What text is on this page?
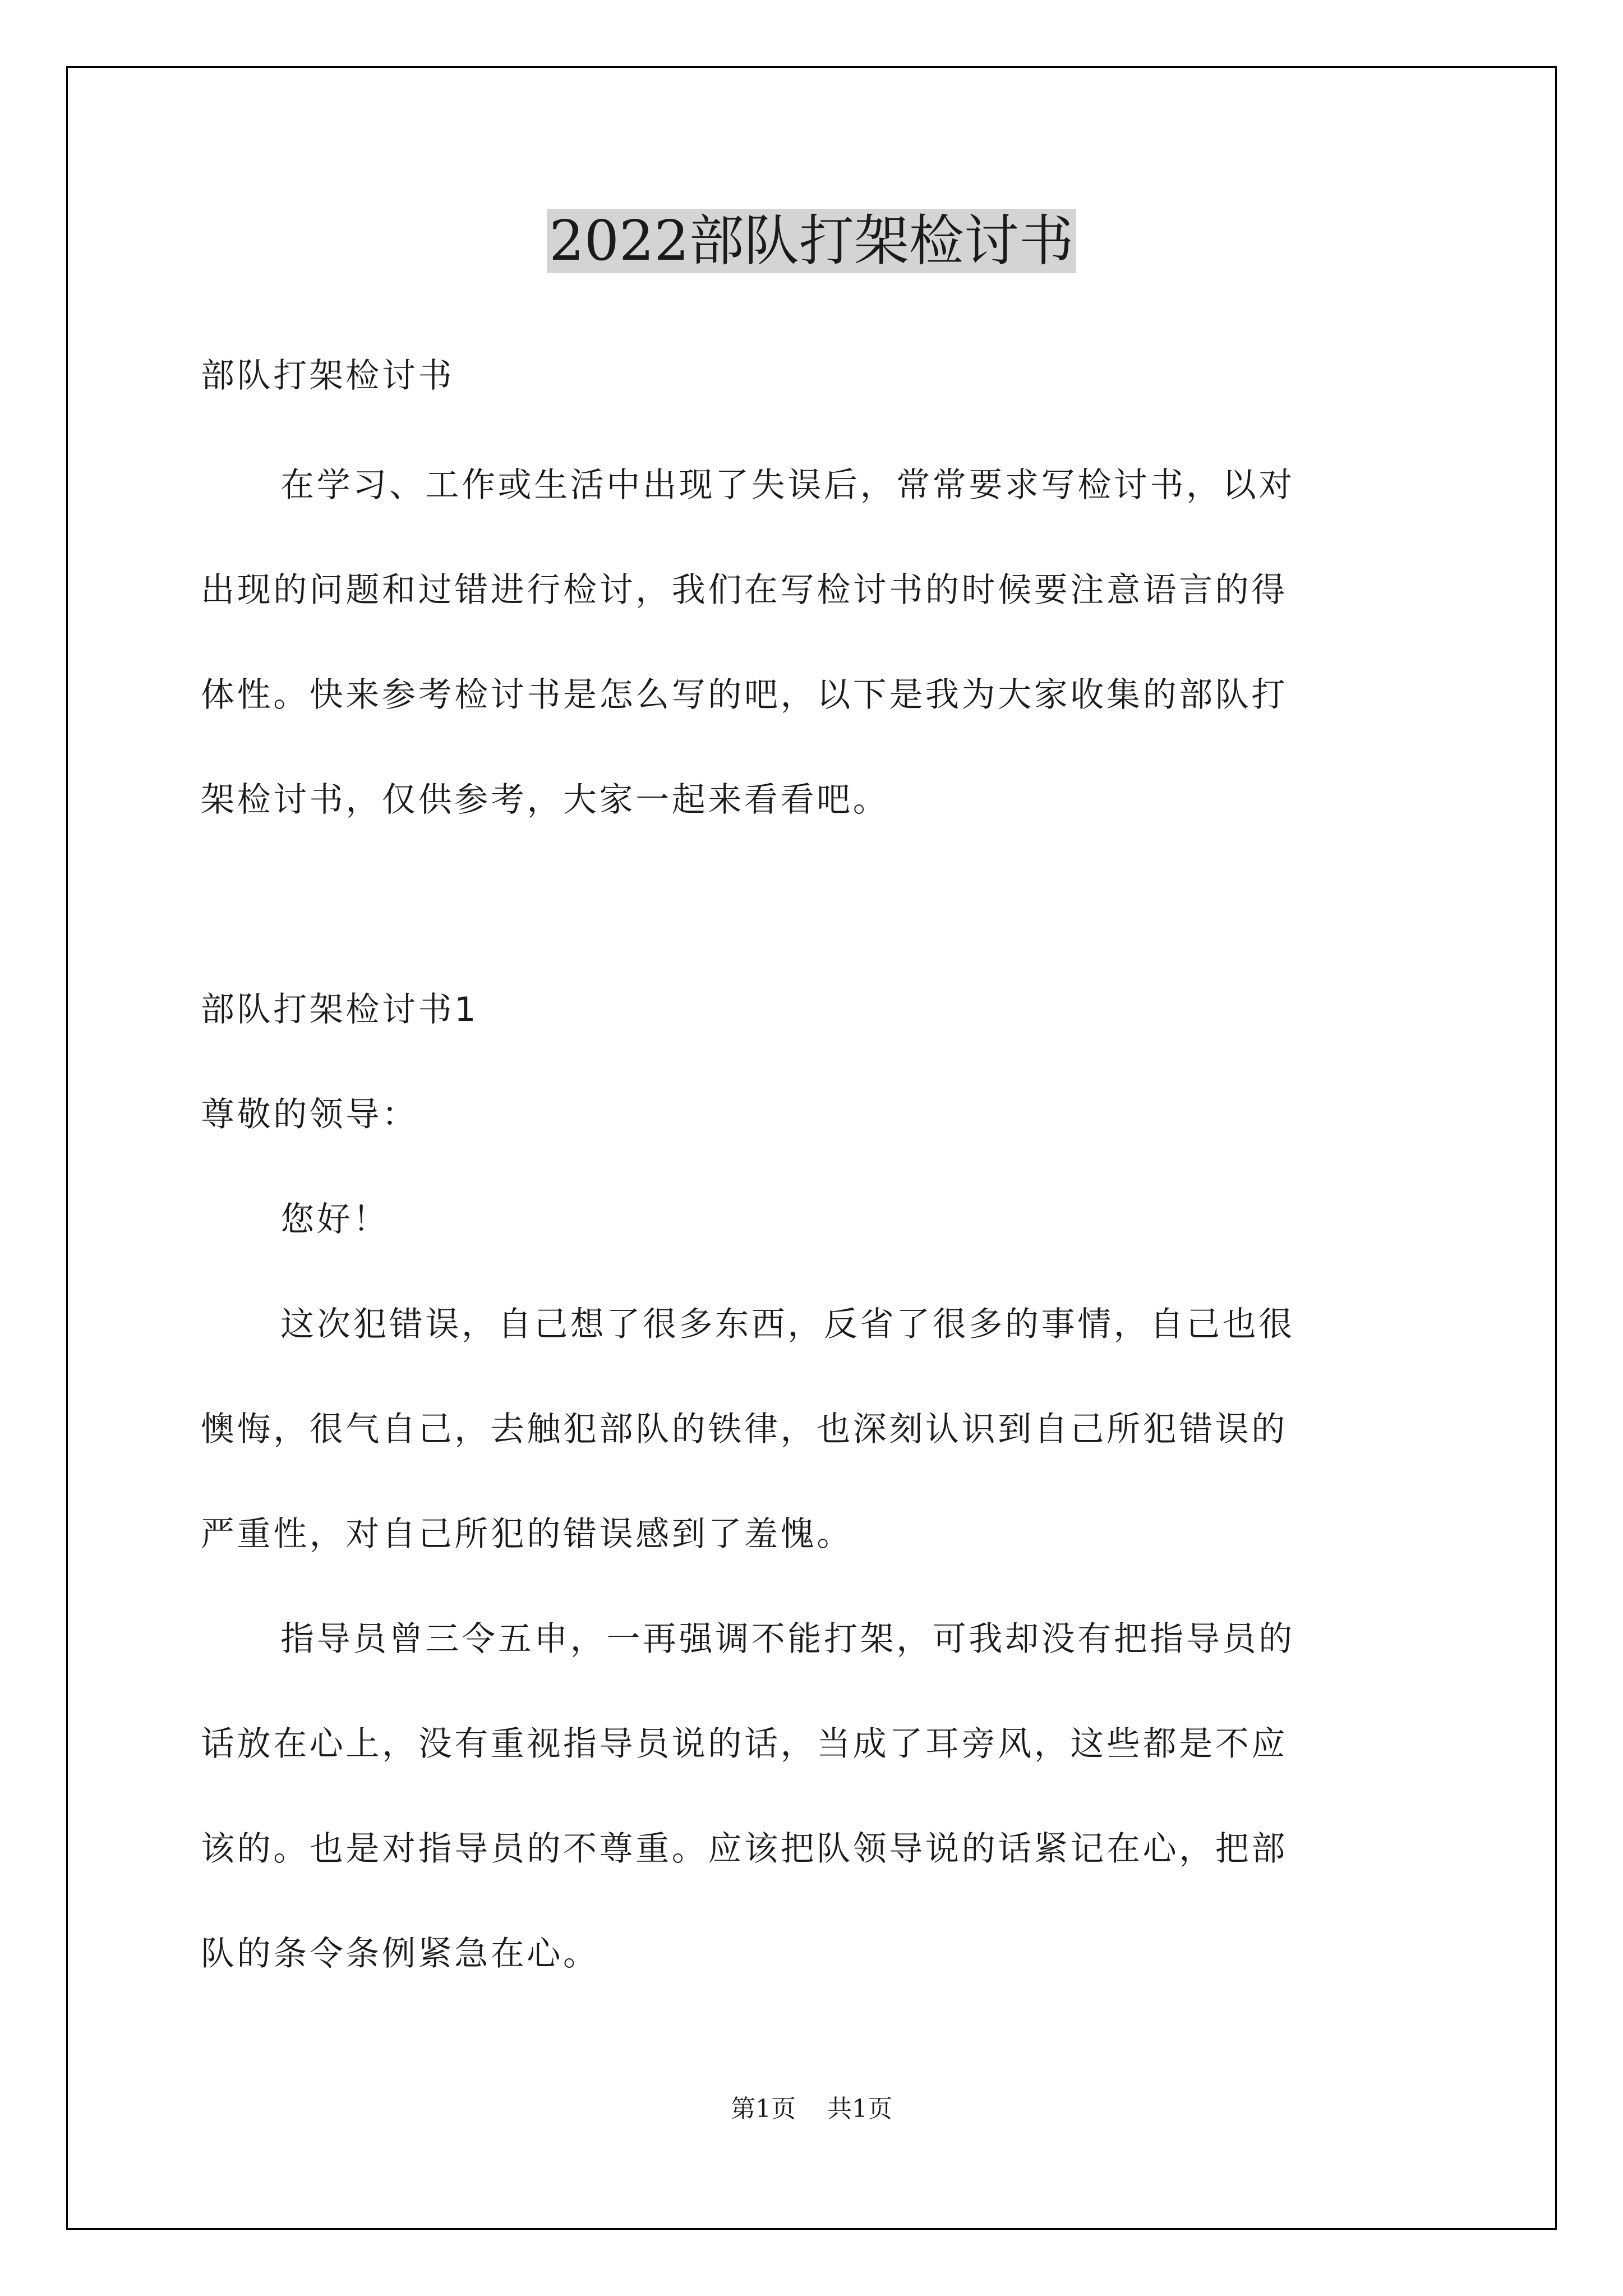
2022部队打架检讨书
部队打架检讨书
在学习、工作或生活中出现了失误后，常常要求写检讨书，以对
出现的问题和过错进行检讨，我们在写检讨书的时候要注意语言的得
体性。快来参考检讨书是怎么写的吧，以下是我为大家收集的部队打
架检讨书，仅供参考，大家一起来看看吧。
部队打架检讨书1
尊敬的领导：
您好！
这次犯错误，自己想了很多东西，反省了很多的事情，自己也很
懊悔，很气自己，去触犯部队的铁律，也深刻认识到自己所犯错误的
严重性，对自己所犯的错误感到了羞愧。
指导员曾三令五申，一再强调不能打架，可我却没有把指导员的
话放在心上，没有重视指导员说的话，当成了耳旁风，这些都是不应
该的。也是对指导员的不尊重。应该把队领导说的话紧记在心，把部
队的条令条例紧急在心。
第1页 共1页
